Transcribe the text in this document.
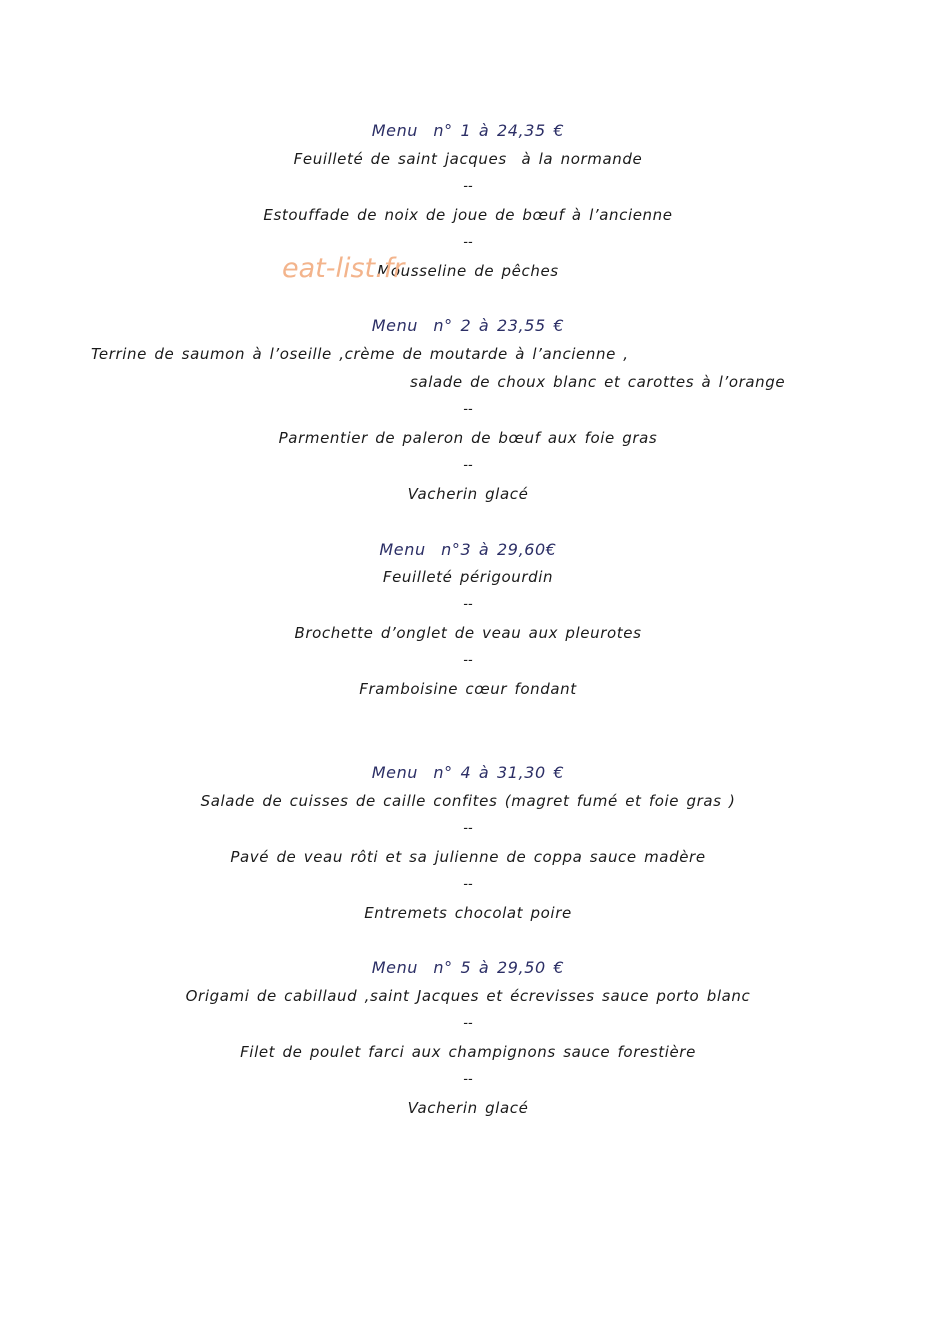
Menu  n° 1 à 24,35 €
Feuilleté de saint jacques  à la normande
--
Estouffade de noix de joue de bœuf à l’ancienne
--
Mousseline de pêches
eat-list.fr
Menu  n° 2 à 23,55 €
Terrine de saumon à l’oseille ,crème de moutarde à l’ancienne ,
salade de choux blanc et carottes à l’orange
--
Parmentier de paleron de bœuf aux foie gras
--
Vacherin glacé
Menu  n°3 à 29,60€
Feuilleté périgourdin
--
Brochette d’onglet de veau aux pleurotes
--
Framboisine cœur fondant
Menu  n° 4 à 31,30 €
Salade de cuisses de caille confites (magret fumé et foie gras )
--
Pavé de veau rôti et sa julienne de coppa sauce madère
--
Entremets chocolat poire
Menu  n° 5 à 29,50 €
Origami de cabillaud ,saint Jacques et écrevisses sauce porto blanc
--
Filet de poulet farci aux champignons sauce forestière
--
Vacherin glacé
